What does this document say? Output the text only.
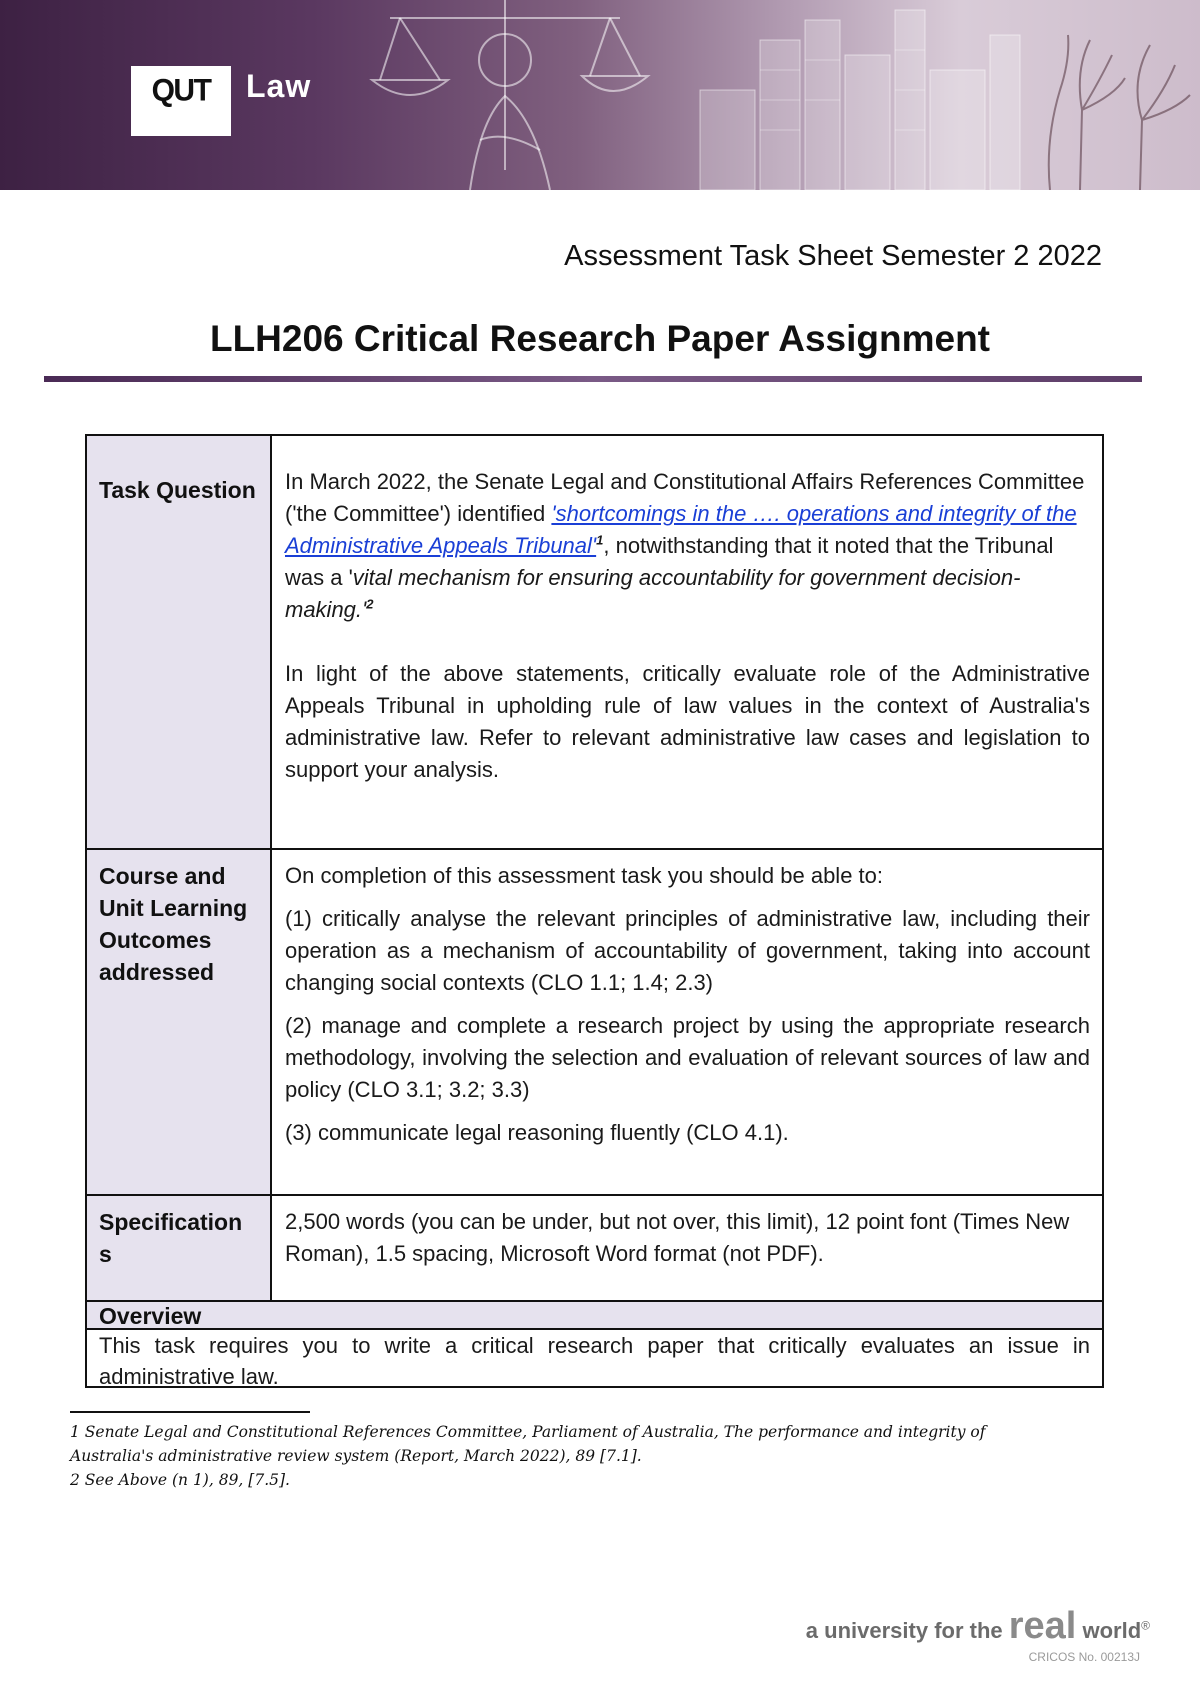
QUT Law
Assessment Task Sheet Semester 2 2022
LLH206 Critical Research Paper Assignment
Task Question	In March 2022, the Senate Legal and Constitutional Affairs References Committee ('the Committee') identified 'shortcomings in the …. operations and integrity of the Administrative Appeals $Tribunal'^1$, notwithstanding that it noted that the Tribunal was a 'vital mechanism for ensuring accountability for government decision-$making.'^2$

In light of the above statements, critically evaluate role of the Administrative Appeals Tribunal in upholding rule of law values in the context of Australia's administrative law. Refer to relevant administrative law cases and legislation to support your analysis.

Course and Unit Learning Outcomes addressed

On completion of this assessment task you should be able to:

(1) critically analyse the relevant principles of administrative law, including their operation as a mechanism of accountability of government, taking into account changing social contexts (CLO 1.1; 1.4; 2.3)

(2) manage and complete a research project by using the appropriate research methodology, involving the selection and evaluation of relevant sources of law and policy (CLO 3.1; 3.2; 3.3)

(3) communicate legal reasoning fluently (CLO 4.1).

Specification s

2,500 words (you can be under, but not over, this limit), 12 point font (Times New Roman), 1.5 spacing, Microsoft Word format (not PDF).

Overview
This task requires you to write a critical research paper that critically evaluates an issue in administrative law.
1 Senate Legal and Constitutional References Committee, Parliament of Australia, The performance and integrity of Australia's administrative review system (Report, March 2022), 89 [7.1].
2 See Above (n 1), 89, [7.5].
a university for the real world®
CRICOS No. 00213J
